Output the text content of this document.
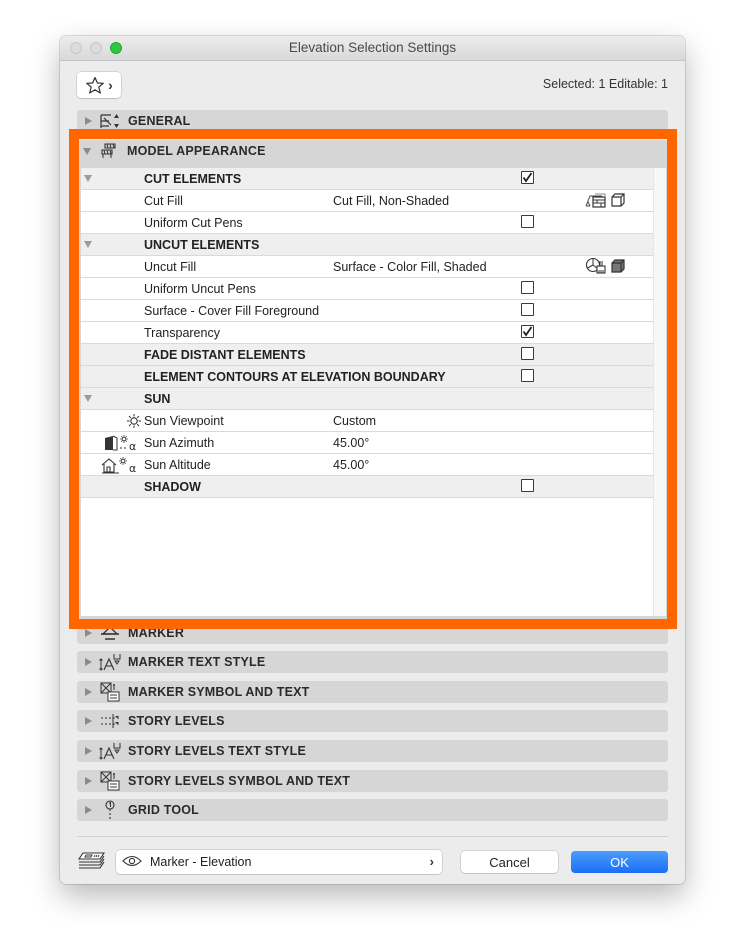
Elevation Selection Settings
›	Selected: 1 Editable: 1
GENERAL
MODEL APPEARANCE
CUT ELEMENTS
Cut Fill	Cut Fill, Non-Shaded
Uniform Cut Pens
UNCUT ELEMENTS
Uncut Fill	Surface - Color Fill, Shaded
Uniform Uncut Pens
Surface - Cover Fill Foreground
Transparency
FADE DISTANT ELEMENTS
ELEMENT CONTOURS AT ELEVATION BOUNDARY
SUN
Sun Viewpoint	Custom
α Sun Azimuth	45.00°
α Sun Altitude	45.00°
SHADOW
MARKER
MARKER TEXT STYLE
MARKER SYMBOL AND TEXT
STORY LEVELS
STORY LEVELS TEXT STYLE
STORY LEVELS SYMBOL AND TEXT
GRID TOOL
Marker - Elevation	›	Cancel	OK
